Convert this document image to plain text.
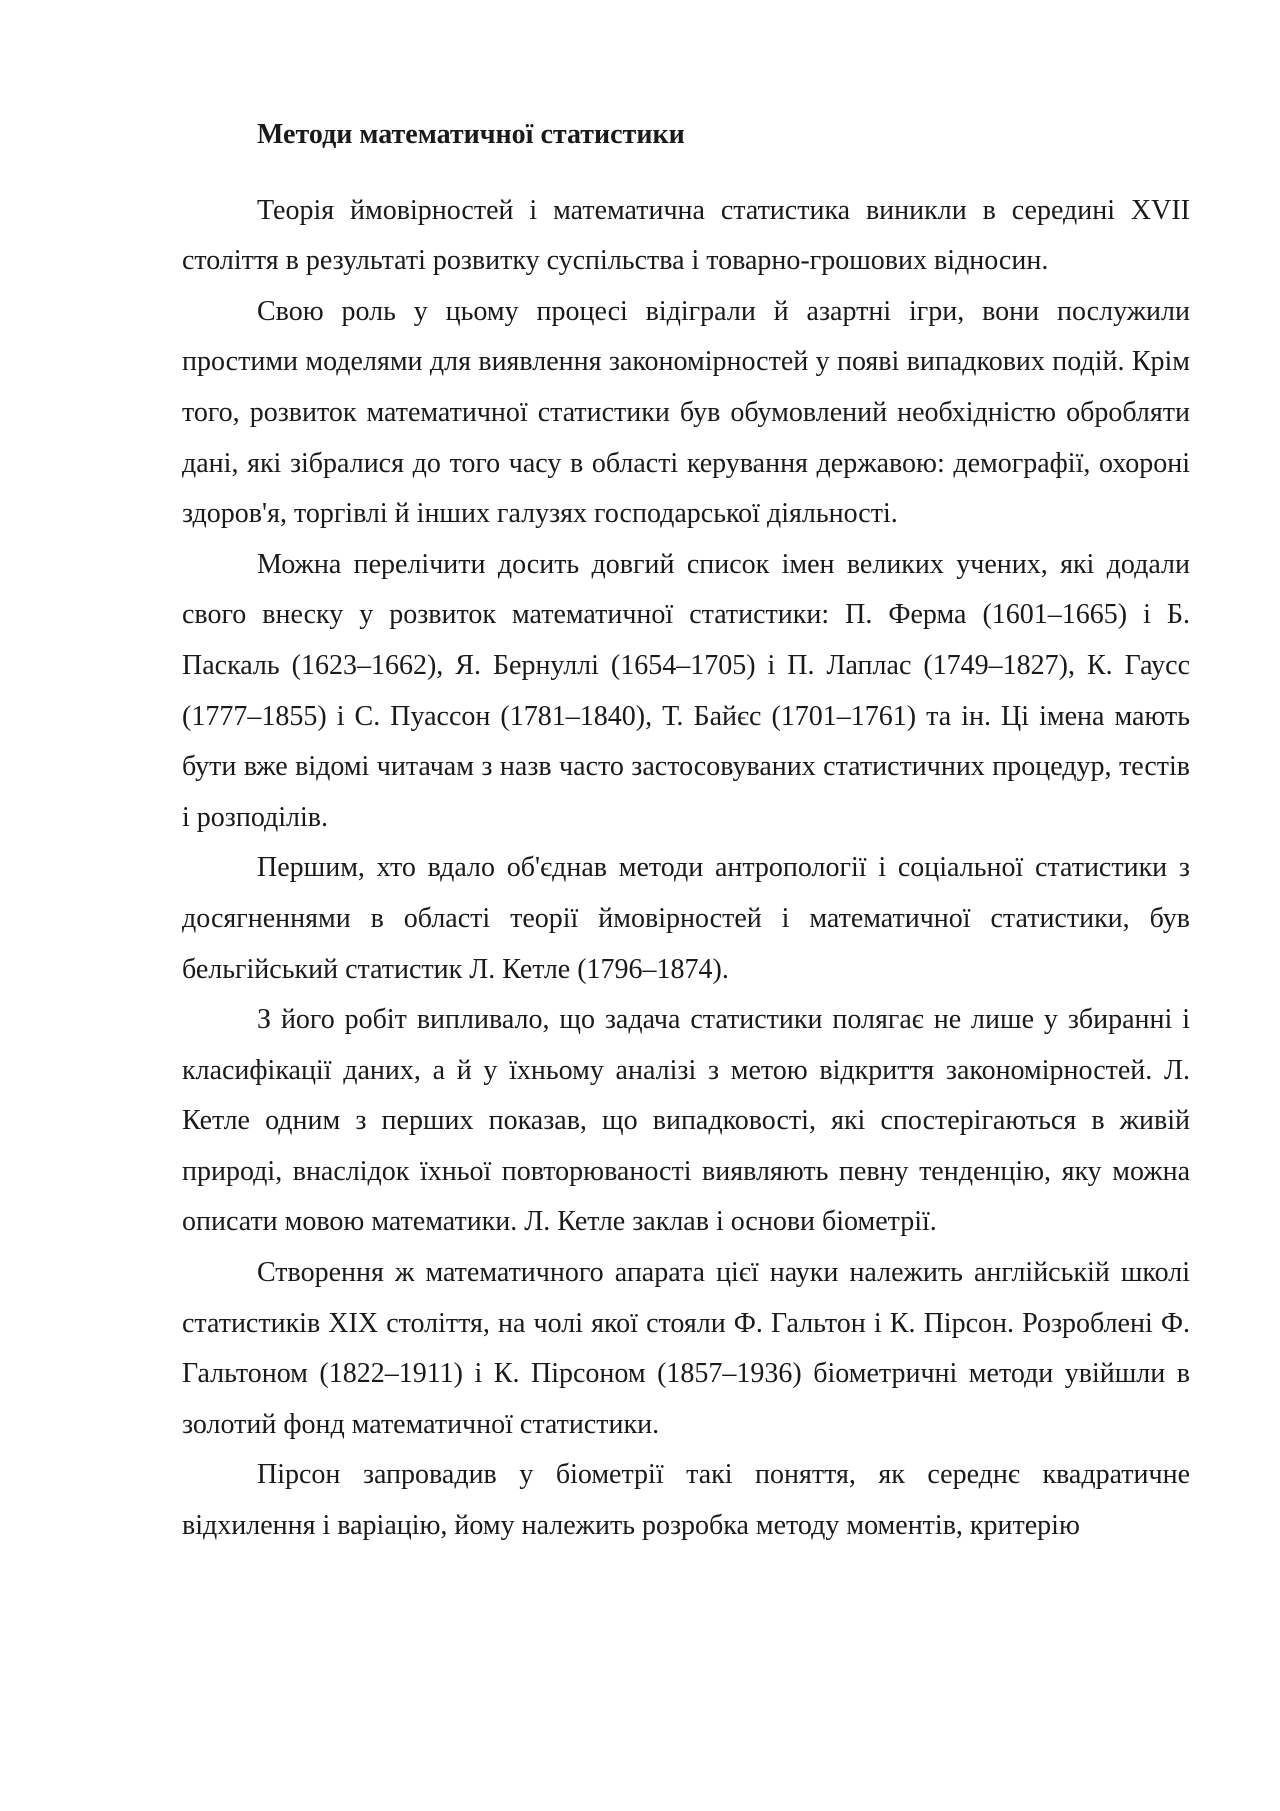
Методи математичної статистики

Теорія ймовірностей і математична статистика виникли в середині XVII століття в результаті розвитку суспільства і товарно-грошових відносин.

Свою роль у цьому процесі відіграли й азартні ігри, вони послужили простими моделями для виявлення закономірностей у появі випадкових подій. Крім того, розвиток математичної статистики був обумовлений необхідністю обробляти дані, які зібралися до того часу в області керування державою: демографії, охороні здоров'я, торгівлі й інших галузях господарської діяльності.

Можна перелічити досить довгий список імен великих учених, які додали свого внеску у розвиток математичної статистики: П. Ферма (1601–1665) і Б. Паскаль (1623–1662), Я. Бернуллі (1654–1705) і П. Лаплас (1749–1827), К. Гаусс (1777–1855) і С. Пуассон (1781–1840), Т. Байєс (1701–1761) та ін. Ці імена мають бути вже відомі читачам з назв часто застосовуваних статистичних процедур, тестів і розподілів.

Першим, хто вдало об'єднав методи антропології і соціальної статистики з досягненнями в області теорії ймовірностей і математичної статистики, був бельгійський статистик Л. Кетле (1796–1874).

З його робіт випливало, що задача статистики полягає не лише у збиранні і класифікації даних, а й у їхньому аналізі з метою відкриття закономірностей. Л. Кетле одним з перших показав, що випадковості, які спостерігаються в живій природі, внаслідок їхньої повторюваності виявляють певну тенденцію, яку можна описати мовою математики. Л. Кетле заклав і основи біометрії.

Створення ж математичного апарата цієї науки належить англійській школі статистиків XIX століття, на чолі якої стояли Ф. Гальтон і К. Пірсон. Розроблені Ф. Гальтоном (1822–1911) і К. Пірсоном (1857–1936) біометричні методи увійшли в золотий фонд математичної статистики.

Пірсон запровадив у біометрії такі поняття, як середнє квадратичне відхилення і варіацію, йому належить розробка методу моментів, критерію
